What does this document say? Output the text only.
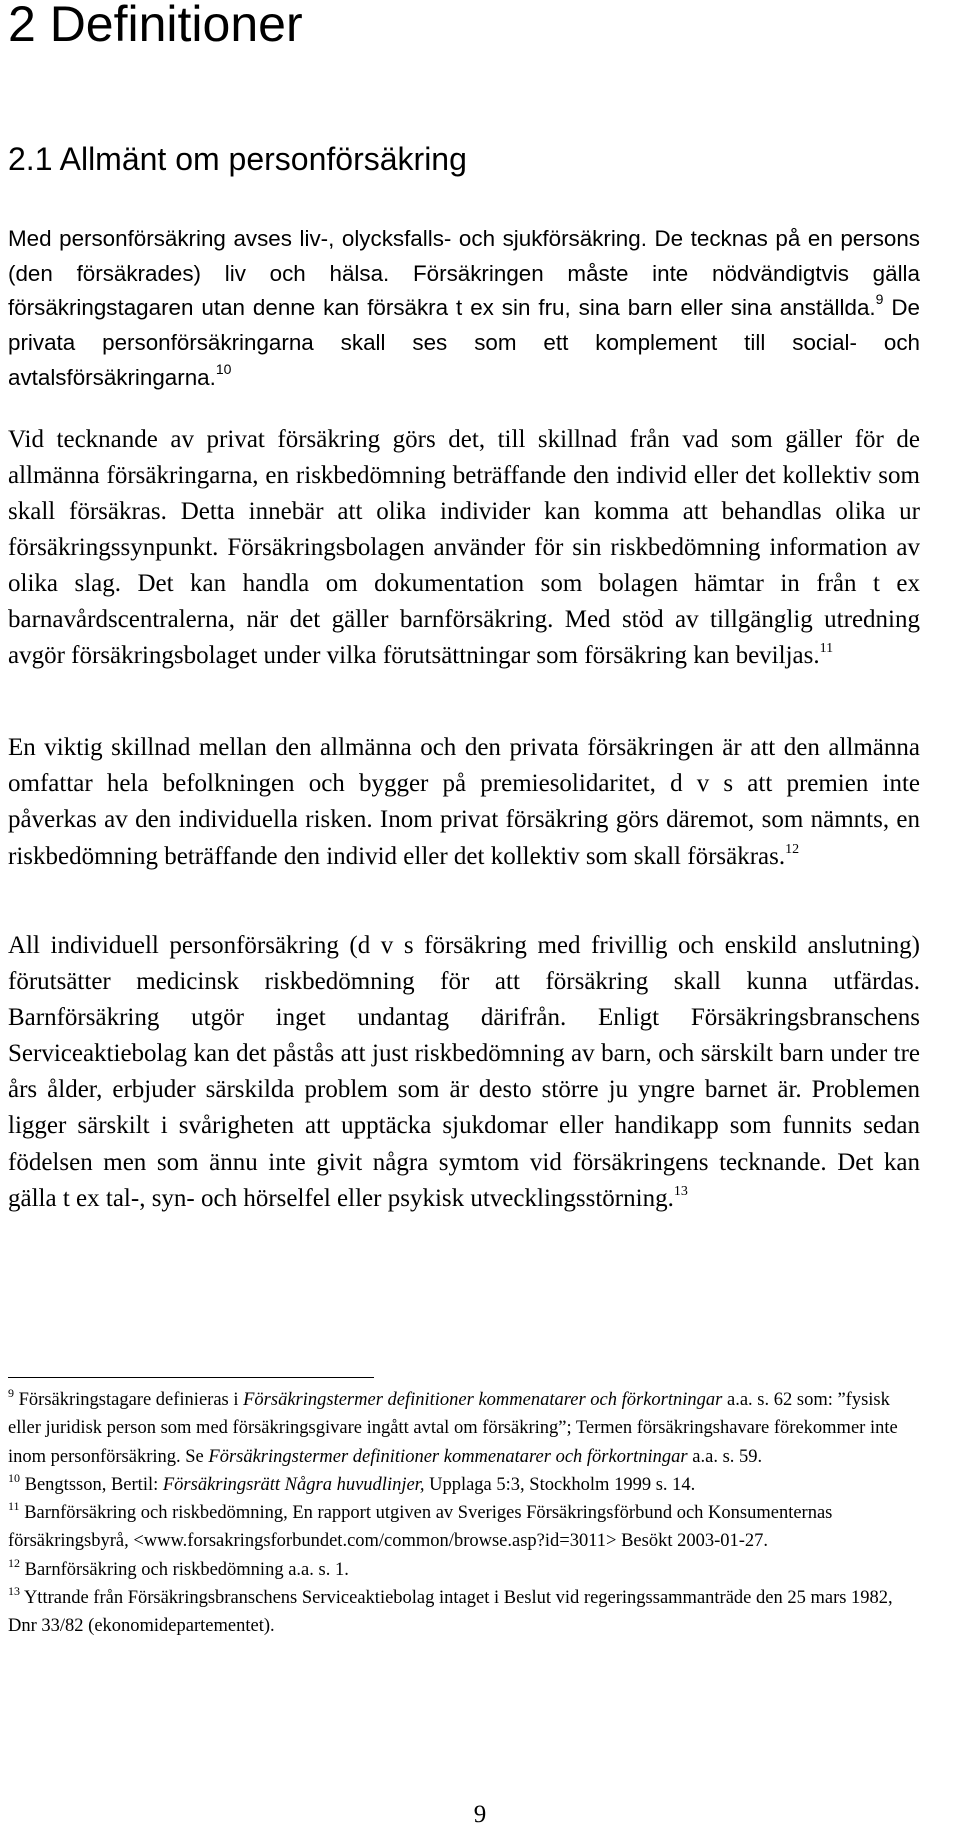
2 Definitioner
2.1 Allmänt om personförsäkring

Med personförsäkring avses liv-, olycksfalls- och sjukförsäkring. De tecknas på en persons (den försäkrades) liv och hälsa. Försäkringen måste inte nödvändigtvis gälla försäkringstagaren utan denne kan försäkra t ex sin fru, sina barn eller sina anställda.$^9$ De privata personförsäkringarna skall ses som ett komplement till social- och avtalsförsäkringarna.$^{10}$

Vid tecknande av privat försäkring görs det, till skillnad från vad som gäller för de allmänna försäkringarna, en riskbedömning beträffande den individ eller det kollektiv som skall försäkras. Detta innebär att olika individer kan komma att behandlas olika ur försäkringssynpunkt. Försäkringsbolagen använder för sin riskbedömning information av olika slag. Det kan handla om dokumentation som bolagen hämtar in från t ex barnavårdscentralerna, när det gäller barnförsäkring. Med stöd av tillgänglig utredning avgör försäkringsbolaget under vilka förutsättningar som försäkring kan beviljas.$^{11}$

En viktig skillnad mellan den allmänna och den privata försäkringen är att den allmänna omfattar hela befolkningen och bygger på premiesolidaritet, d v s att premien inte påverkas av den individuella risken. Inom privat försäkring görs däremot, som nämnts, en riskbedömning beträffande den individ eller det kollektiv som skall försäkras.$^{12}$

All individuell personförsäkring (d v s försäkring med frivillig och enskild anslutning) förutsätter medicinsk riskbedömning för att försäkring skall kunna utfärdas. Barnförsäkring utgör inget undantag därifrån. Enligt Försäkringsbranschens Serviceaktiebolag kan det påstås att just riskbedömning av barn, och särskilt barn under tre års ålder, erbjuder särskilda problem som är desto större ju yngre barnet är. Problemen ligger särskilt i svårigheten att upptäcka sjukdomar eller handikapp som funnits sedan födelsen men som ännu inte givit några symtom vid försäkringens tecknande. Det kan gälla t ex tal-, syn- och hörselfel eller psykisk utvecklingsstörning.$^{13}$

$^9$ Försäkringstagare definieras i Försäkringstermer definitioner kommenatarer och förkortningar a.a. s. 62 som: ”fysisk eller juridisk person som med försäkringsgivare ingått avtal om försäkring”; Termen försäkringshavare förekommer inte inom personförsäkring. Se Försäkringstermer definitioner kommenatarer och förkortningar a.a. s. 59.
$^{10}$ Bengtsson, Bertil: Försäkringsrätt Några huvudlinjer, Upplaga 5:3, Stockholm 1999 s. 14.
$^{11}$ Barnförsäkring och riskbedömning, En rapport utgiven av Sveriges Försäkringsförbund och Konsumenternas försäkringsbyrå, <www.forsakringsforbundet.com/common/browse.asp?id=3011> Besökt 2003-01-27.
$^{12}$ Barnförsäkring och riskbedömning a.a. s. 1.
$^{13}$ Yttrande från Försäkringsbranschens Serviceaktiebolag intaget i Beslut vid regeringssammanträde den 25 mars 1982, Dnr 33/82 (ekonomidepartementet).

9
